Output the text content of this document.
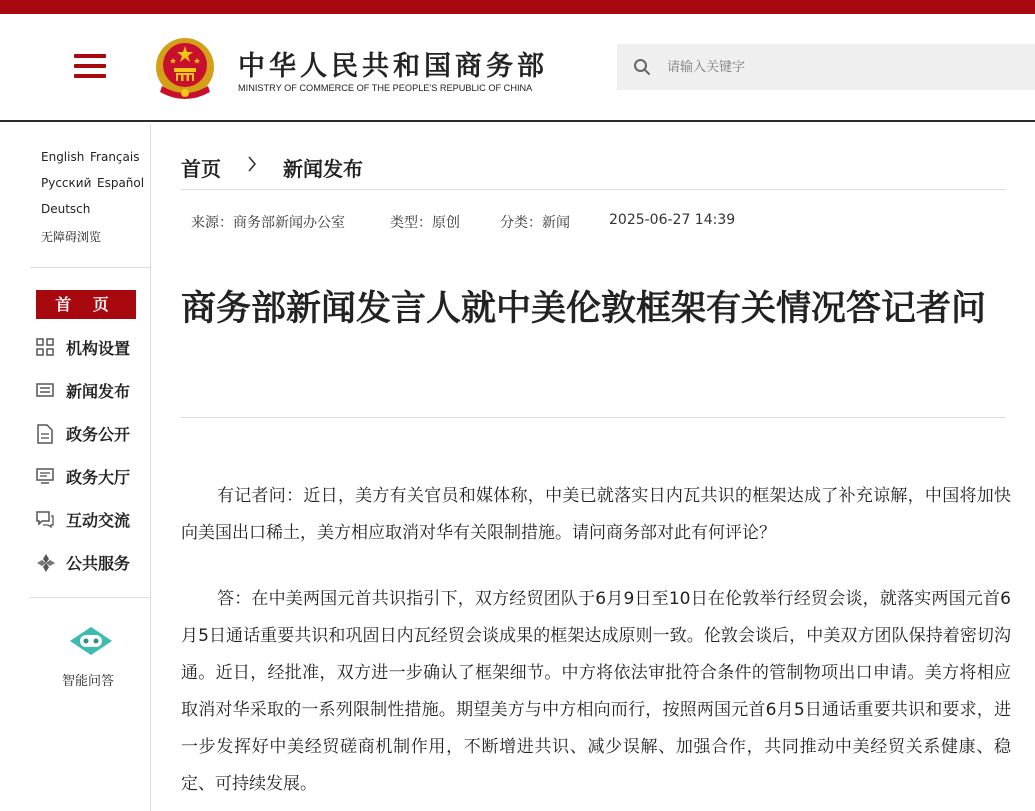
中华人民共和国商务部
MINISTRY OF COMMERCE OF THE PEOPLE'S REPUBLIC OF CHINA
请输入关键字
English Français
Русский Español
Deutsch
无障碍浏览
首 页
机构设置
新闻发布
政务公开
政务大厅
互动交流
公共服务
智能问答
首页	新闻发布
来源：商务部新闻办公室	类型：原创	分类：新闻	2025-06-27 14:39
商务部新闻发言人就中美伦敦框架有关情况答记者问

有记者问：近日，美方有关官员和媒体称，中美已就落实日内瓦共识的框架达成了补充谅解，中国将加快向美国出口稀土，美方相应取消对华有关限制措施。请问商务部对此有何评论？

答：在中美两国元首共识指引下，双方经贸团队于6月9日至10日在伦敦举行经贸会谈，就落实两国元首6月5日通话重要共识和巩固日内瓦经贸会谈成果的框架达成原则一致。伦敦会谈后，中美双方团队保持着密切沟通。近日，经批准，双方进一步确认了框架细节。中方将依法审批符合条件的管制物项出口申请。美方将相应取消对华采取的一系列限制性措施。期望美方与中方相向而行，按照两国元首6月5日通话重要共识和要求，进一步发挥好中美经贸磋商机制作用，不断增进共识、减少误解、加强合作，共同推动中美经贸关系健康、稳定、可持续发展。
